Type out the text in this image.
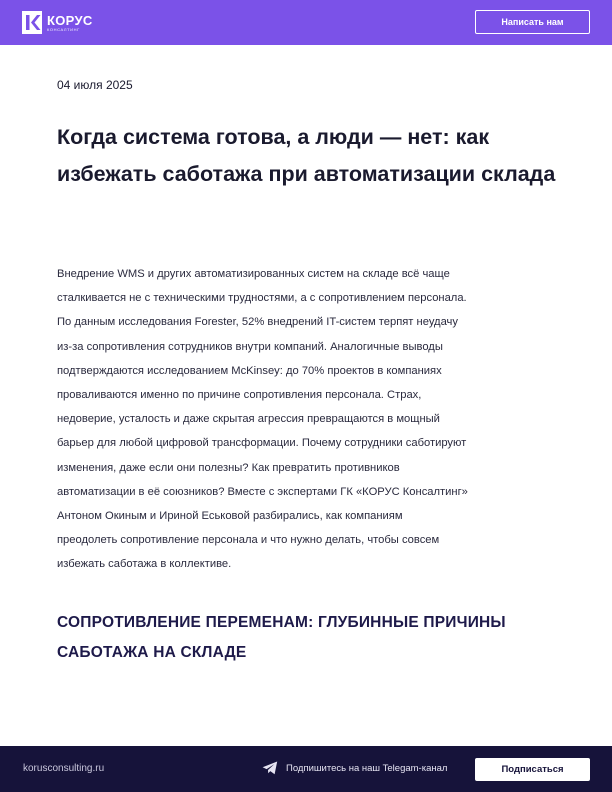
КОРУС
КОНСАЛТИНГ
Написать нам
04 июля 2025
Когда система готова, а люди — нет: как избежать саботажа при автоматизации склада
Внедрение WMS и других автоматизированных систем на складе всё чаще
сталкивается не с техническими трудностями, а с сопротивлением персонала.
По данным исследования Forester, 52% внедрений IT-систем терпят неудачу
из-за сопротивления сотрудников внутри компаний. Аналогичные выводы
подтверждаются исследованием McKinsey: до 70% проектов в компаниях
проваливаются именно по причине сопротивления персонала. Страх,
недоверие, усталость и даже скрытая агрессия превращаются в мощный
барьер для любой цифровой трансформации. Почему сотрудники саботируют
изменения, даже если они полезны? Как превратить противников
автоматизации в её союзников? Вместе с экспертами ГК «КОРУС Консалтинг»
Антоном Окиным и Ириной Еськовой разбирались, как компаниям
преодолеть сопротивление персонала и что нужно делать, чтобы совсем
избежать саботажа в коллективе.
СОПРОТИВЛЕНИЕ ПЕРЕМЕНАМ: ГЛУБИННЫЕ ПРИЧИНЫ САБОТАЖА НА СКЛАДЕ
korusconsulting.ru	Подпишитесь на наш Telegam-канал	Подписаться
